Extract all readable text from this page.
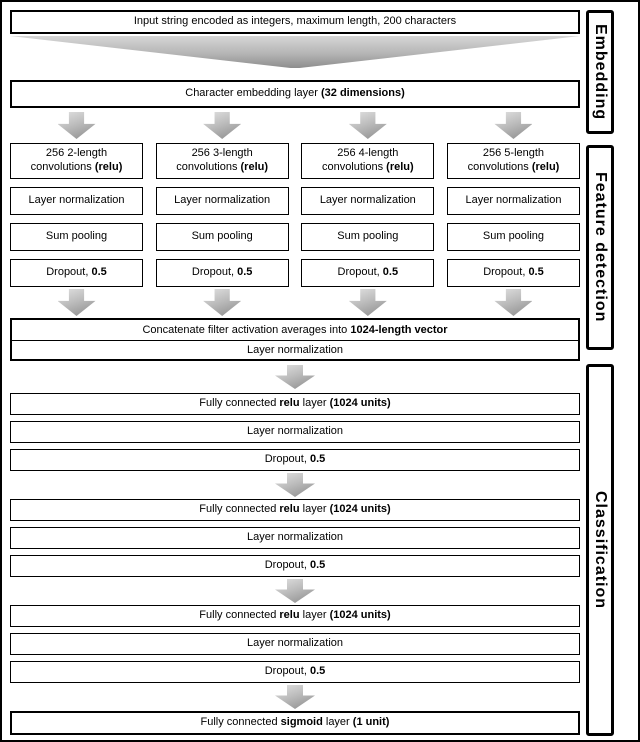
Input string encoded as integers, maximum length, 200 characters
Character embedding layer (32 dimensions)
256 2-length convolutions (relu)
Layer normalization
Sum pooling
Dropout, 0.5
256 3-length convolutions (relu)
Layer normalization
Sum pooling
Dropout, 0.5
256 4-length convolutions (relu)
Layer normalization
Sum pooling
Dropout, 0.5
256 5-length convolutions (relu)
Layer normalization
Sum pooling
Dropout, 0.5
Concatenate filter activation averages into 1024-length vector
Layer normalization
Fully connected relu layer (1024 units)
Layer normalization
Dropout, 0.5
Fully connected relu layer (1024 units)
Layer normalization
Dropout, 0.5
Fully connected relu layer (1024 units)
Layer normalization
Dropout, 0.5
Fully connected sigmoid layer (1 unit)
Embedding
Feature detection
Classification
